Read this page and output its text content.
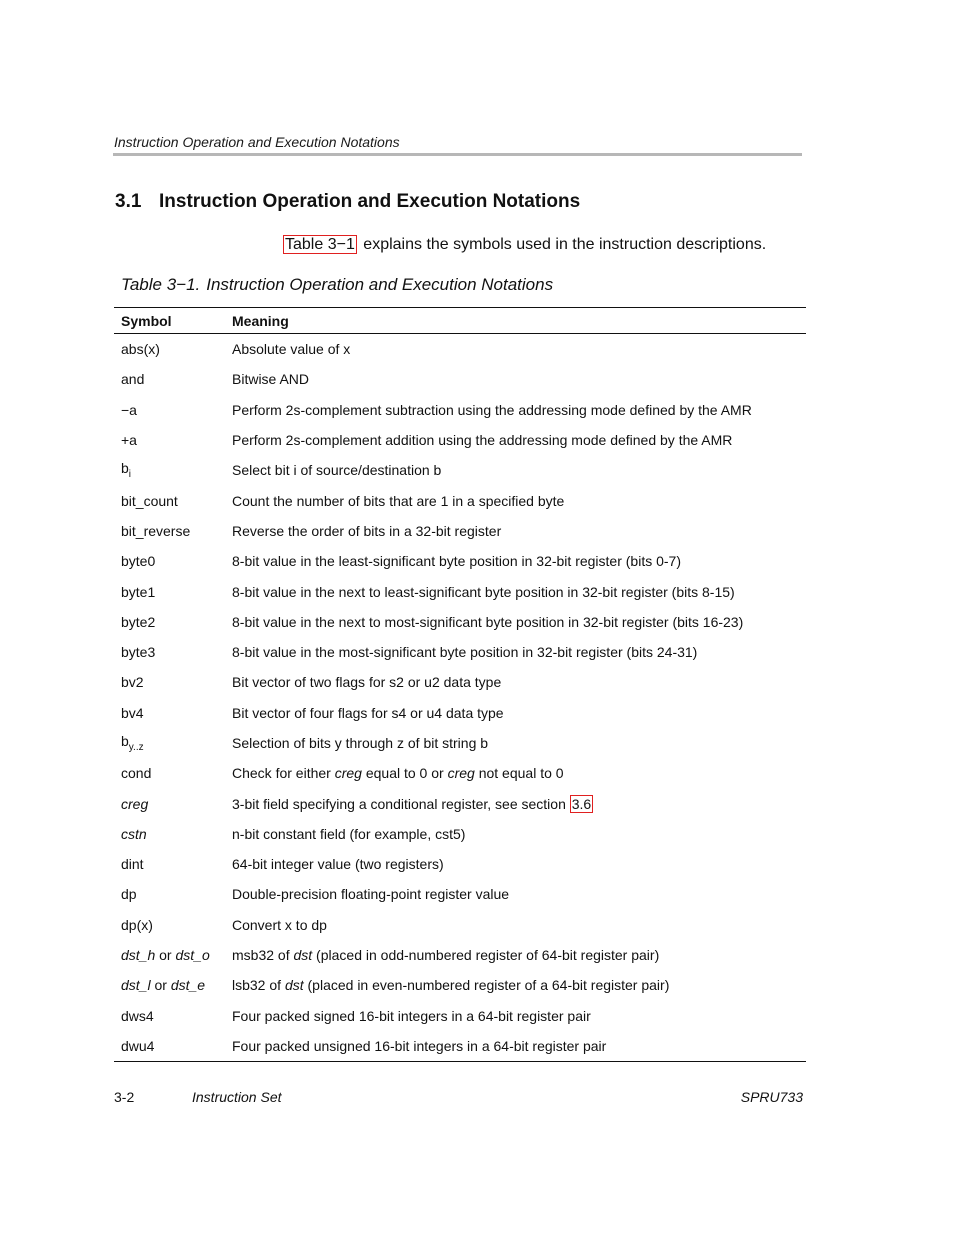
Instruction Operation and Execution Notations
3.1 Instruction Operation and Execution Notations
Table 3−1 explains the symbols used in the instruction descriptions.
Table 3−1. Instruction Operation and Execution Notations
Symbol	Meaning
abs(x)	Absolute value of x
and	Bitwise AND
−a	Perform 2s-complement subtraction using the addressing mode defined by the AMR
+a	Perform 2s-complement addition using the addressing mode defined by the AMR
$b_i$	Select bit i of source/destination b
bit_count	Count the number of bits that are 1 in a specified byte
bit_reverse	Reverse the order of bits in a 32-bit register
byte0	8-bit value in the least-significant byte position in 32-bit register (bits 0-7)
byte1	8-bit value in the next to least-significant byte position in 32-bit register (bits 8-15)
byte2	8-bit value in the next to most-significant byte position in 32-bit register (bits 16-23)
byte3	8-bit value in the most-significant byte position in 32-bit register (bits 24-31)
bv2	Bit vector of two flags for s2 or u2 data type
bv4	Bit vector of four flags for s4 or u4 data type
$b_{y..z}$	Selection of bits y through z of bit string b
cond	Check for either creg equal to 0 or creg not equal to 0
creg	3-bit field specifying a conditional register, see section 3.6
cstn	n-bit constant field (for example, cst5)
dint	64-bit integer value (two registers)
dp	Double-precision floating-point register value
dp(x)	Convert x to dp
dst_h or dst_o	msb32 of dst (placed in odd-numbered register of 64-bit register pair)
dst_l or dst_e	lsb32 of dst (placed in even-numbered register of a 64-bit register pair)
dws4	Four packed signed 16-bit integers in a 64-bit register pair
dwu4	Four packed unsigned 16-bit integers in a 64-bit register pair
3-2	Instruction Set	SPRU733
